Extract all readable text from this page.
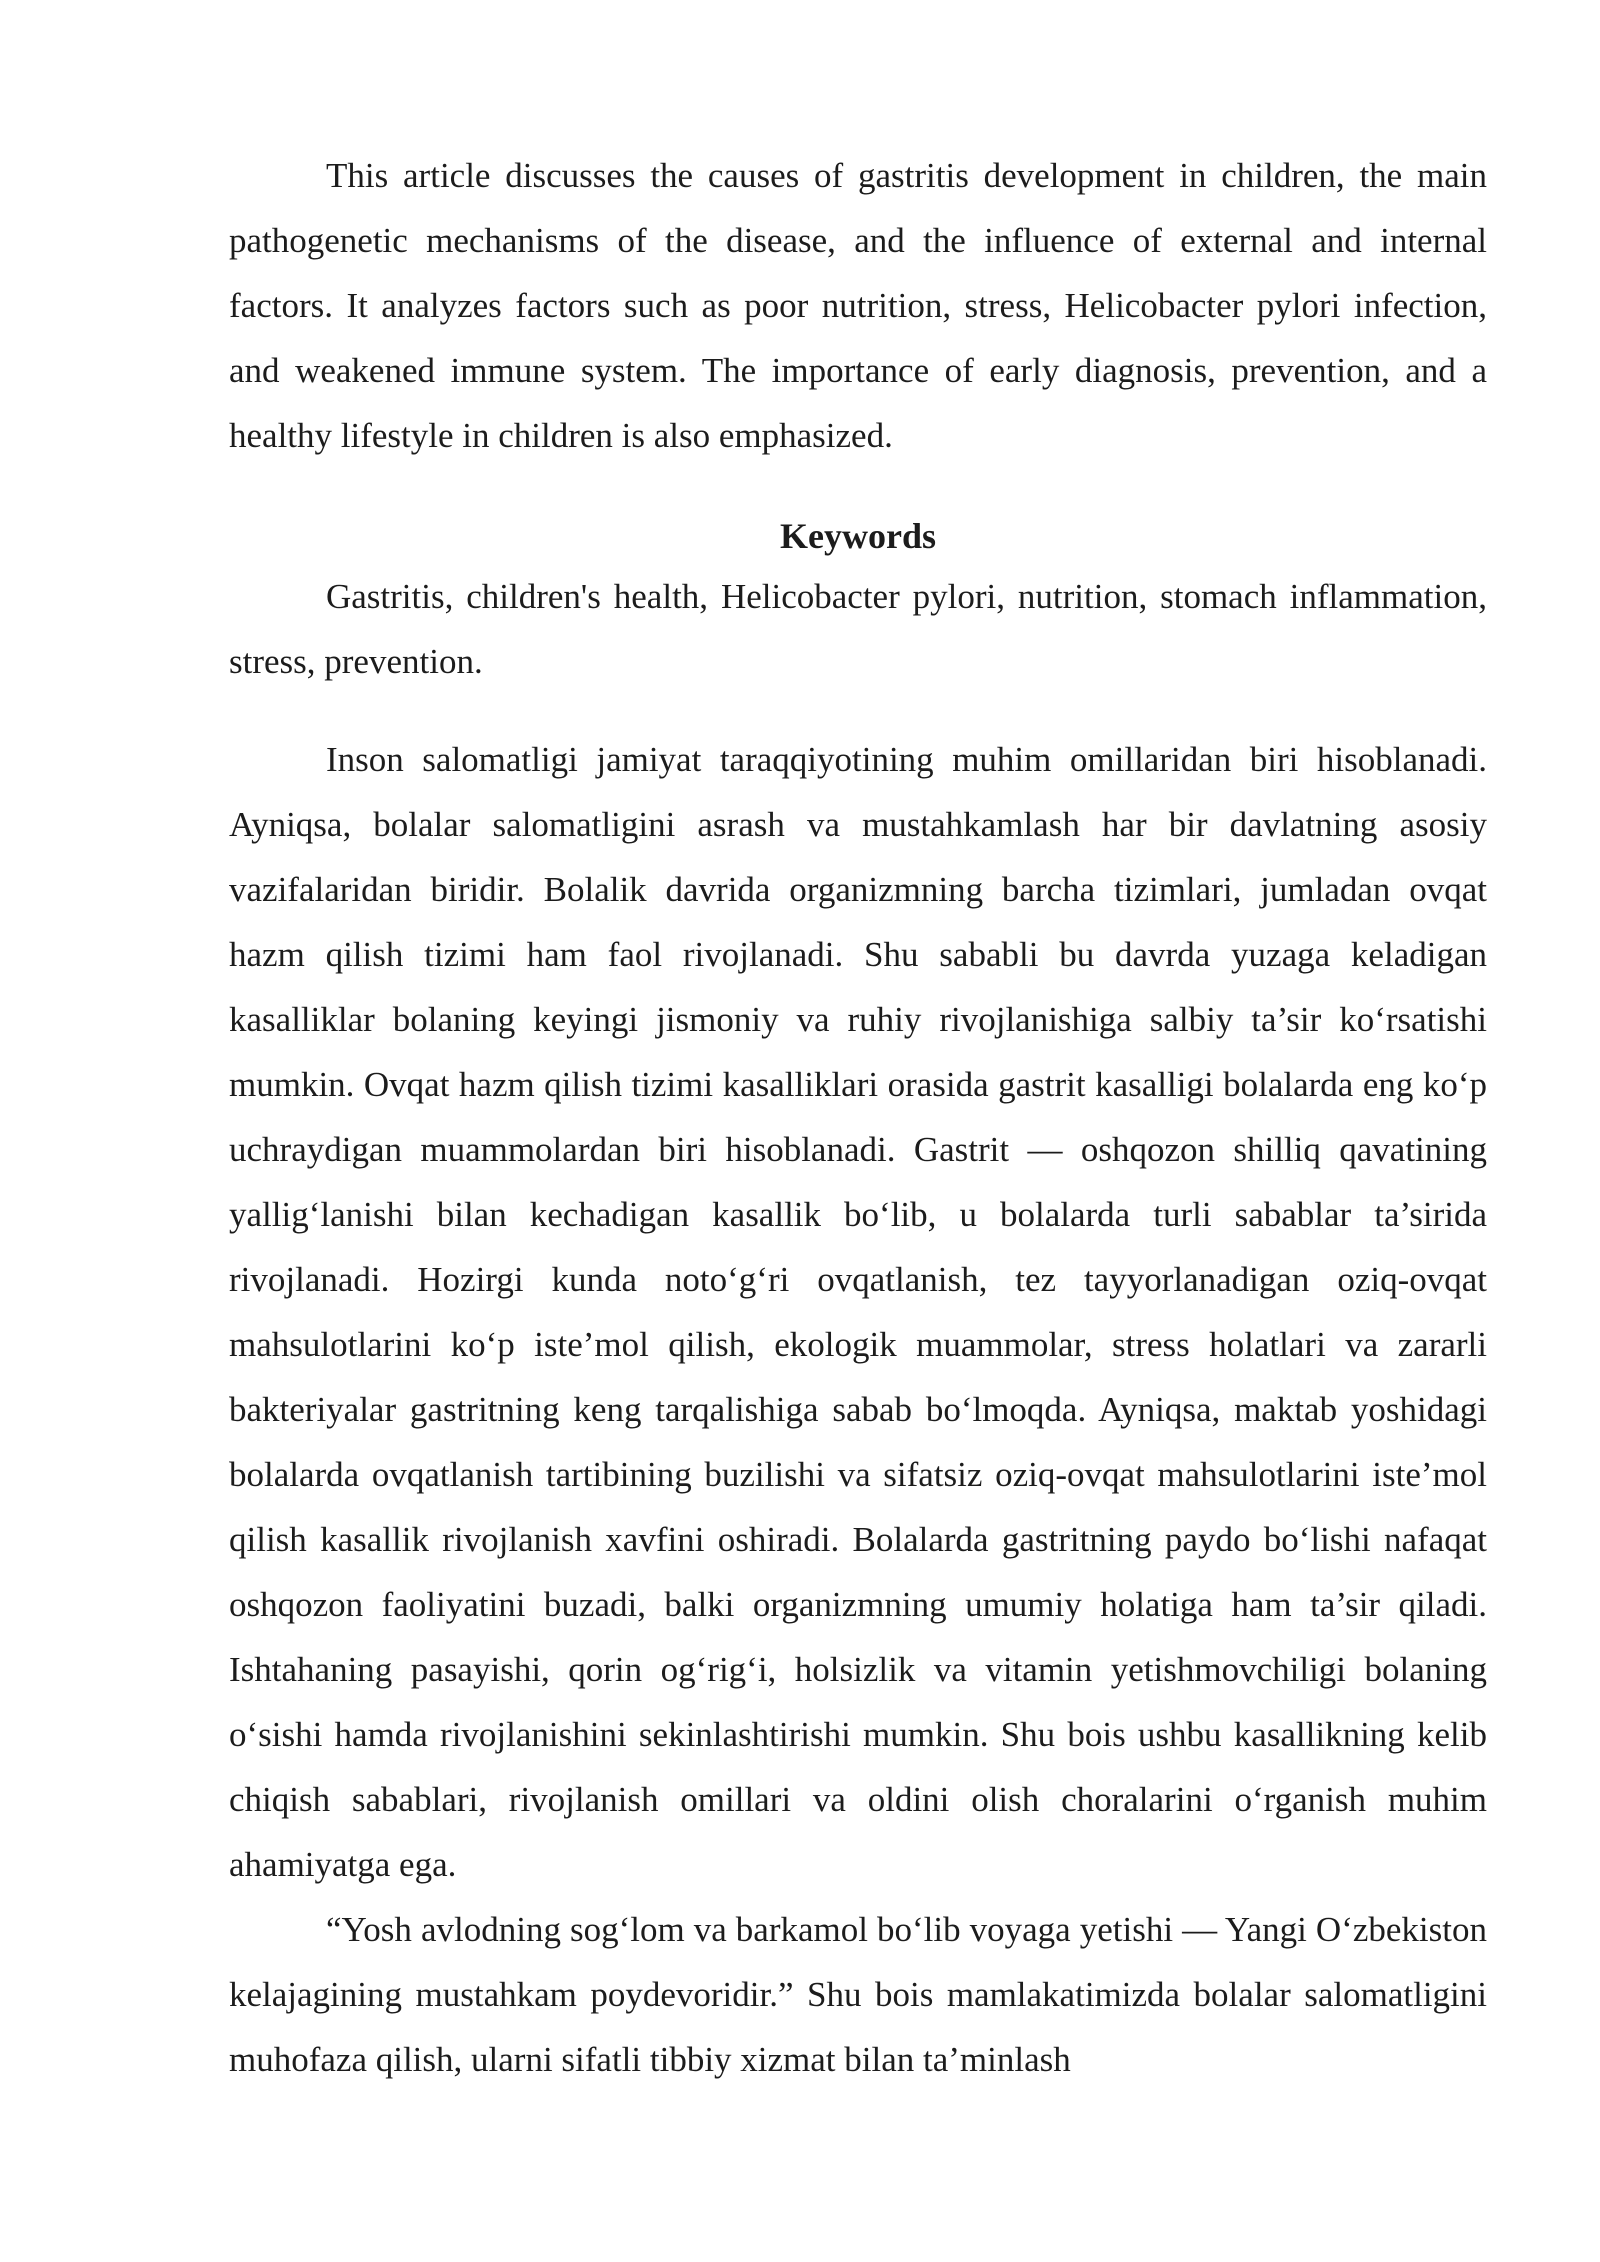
This article discusses the causes of gastritis development in children, the main pathogenetic mechanisms of the disease, and the influence of external and internal factors. It analyzes factors such as poor nutrition, stress, Helicobacter pylori infection, and weakened immune system. The importance of early diagnosis, prevention, and a healthy lifestyle in children is also emphasized.

Keywords

Gastritis, children's health, Helicobacter pylori, nutrition, stomach inflammation, stress, prevention.

Inson salomatligi jamiyat taraqqiyotining muhim omillaridan biri hisoblanadi. Ayniqsa, bolalar salomatligini asrash va mustahkamlash har bir davlatning asosiy vazifalaridan biridir. Bolalik davrida organizmning barcha tizimlari, jumladan ovqat hazm qilish tizimi ham faol rivojlanadi. Shu sababli bu davrda yuzaga keladigan kasalliklar bolaning keyingi jismoniy va ruhiy rivojlanishiga salbiy ta’sir ko‘rsatishi mumkin. Ovqat hazm qilish tizimi kasalliklari orasida gastrit kasalligi bolalarda eng ko‘p uchraydigan muammolardan biri hisoblanadi. Gastrit — oshqozon shilliq qavatining yallig‘lanishi bilan kechadigan kasallik bo‘lib, u bolalarda turli sabablar ta’sirida rivojlanadi. Hozirgi kunda noto‘g‘ri ovqatlanish, tez tayyorlanadigan oziq-ovqat mahsulotlarini ko‘p iste’mol qilish, ekologik muammolar, stress holatlari va zararli bakteriyalar gastritning keng tarqalishiga sabab bo‘lmoqda. Ayniqsa, maktab yoshidagi bolalarda ovqatlanish tartibining buzilishi va sifatsiz oziq-ovqat mahsulotlarini iste’mol qilish kasallik rivojlanish xavfini oshiradi. Bolalarda gastritning paydo bo‘lishi nafaqat oshqozon faoliyatini buzadi, balki organizmning umumiy holatiga ham ta’sir qiladi. Ishtahaning pasayishi, qorin og‘rig‘i, holsizlik va vitamin yetishmovchiligi bolaning o‘sishi hamda rivojlanishini sekinlashtirishi mumkin. Shu bois ushbu kasallikning kelib chiqish sabablari, rivojlanish omillari va oldini olish choralarini o‘rganish muhim ahamiyatga ega.

“Yosh avlodning sog‘lom va barkamol bo‘lib voyaga yetishi — Yangi O‘zbekiston kelajagining mustahkam poydevoridir.” Shu bois mamlakatimizda bolalar salomatligini muhofaza qilish, ularni sifatli tibbiy xizmat bilan ta’minlash
